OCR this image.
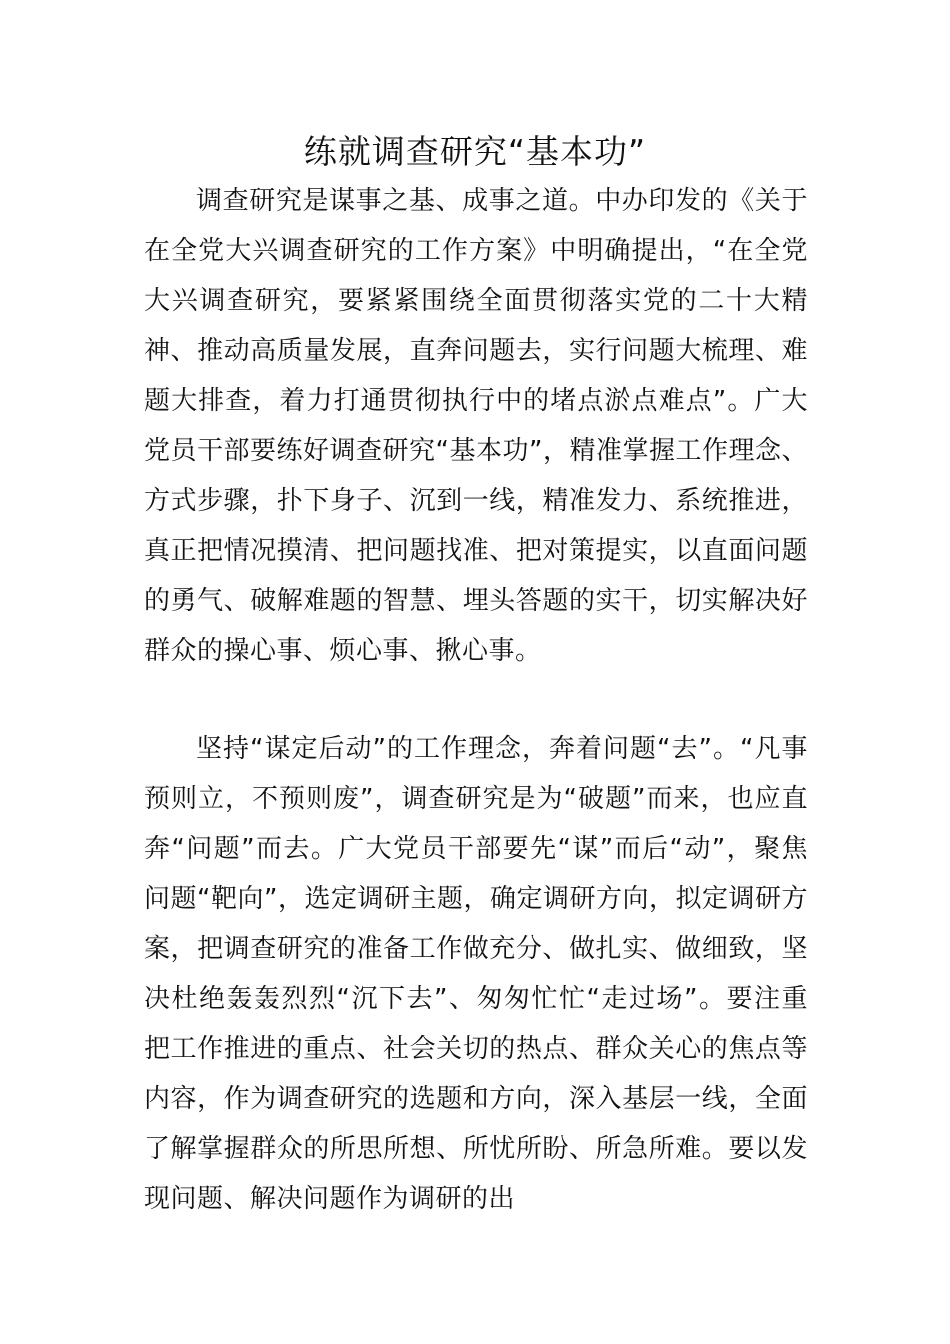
练就调查研究“基本功”

调查研究是谋事之基、成事之道。中办印发的《关于在全党大兴调查研究的工作方案》中明确提出，“在全党大兴调查研究，要紧紧围绕全面贯彻落实党的二十大精神、推动高质量发展，直奔问题去，实行问题大梳理、难题大排查，着力打通贯彻执行中的堵点淤点难点”。广大党员干部要练好调查研究“基本功”，精准掌握工作理念、方式步骤，扑下身子、沉到一线，精准发力、系统推进，真正把情况摸清、把问题找准、把对策提实，以直面问题的勇气、破解难题的智慧、埋头答题的实干，切实解决好群众的操心事、烦心事、揪心事。

坚持“谋定后动”的工作理念，奔着问题“去”。“凡事预则立，不预则废”，调查研究是为“破题”而来，也应直奔“问题”而去。广大党员干部要先“谋”而后“动”，聚焦问题“靶向”，选定调研主题，确定调研方向，拟定调研方案，把调查研究的准备工作做充分、做扎实、做细致，坚决杜绝轰轰烈烈“沉下去”、匆匆忙忙“走过场”。要注重把工作推进的重点、社会关切的热点、群众关心的焦点等内容，作为调查研究的选题和方向，深入基层一线，全面了解掌握群众的所思所想、所忧所盼、所急所难。要以发现问题、解决问题作为调研的出
